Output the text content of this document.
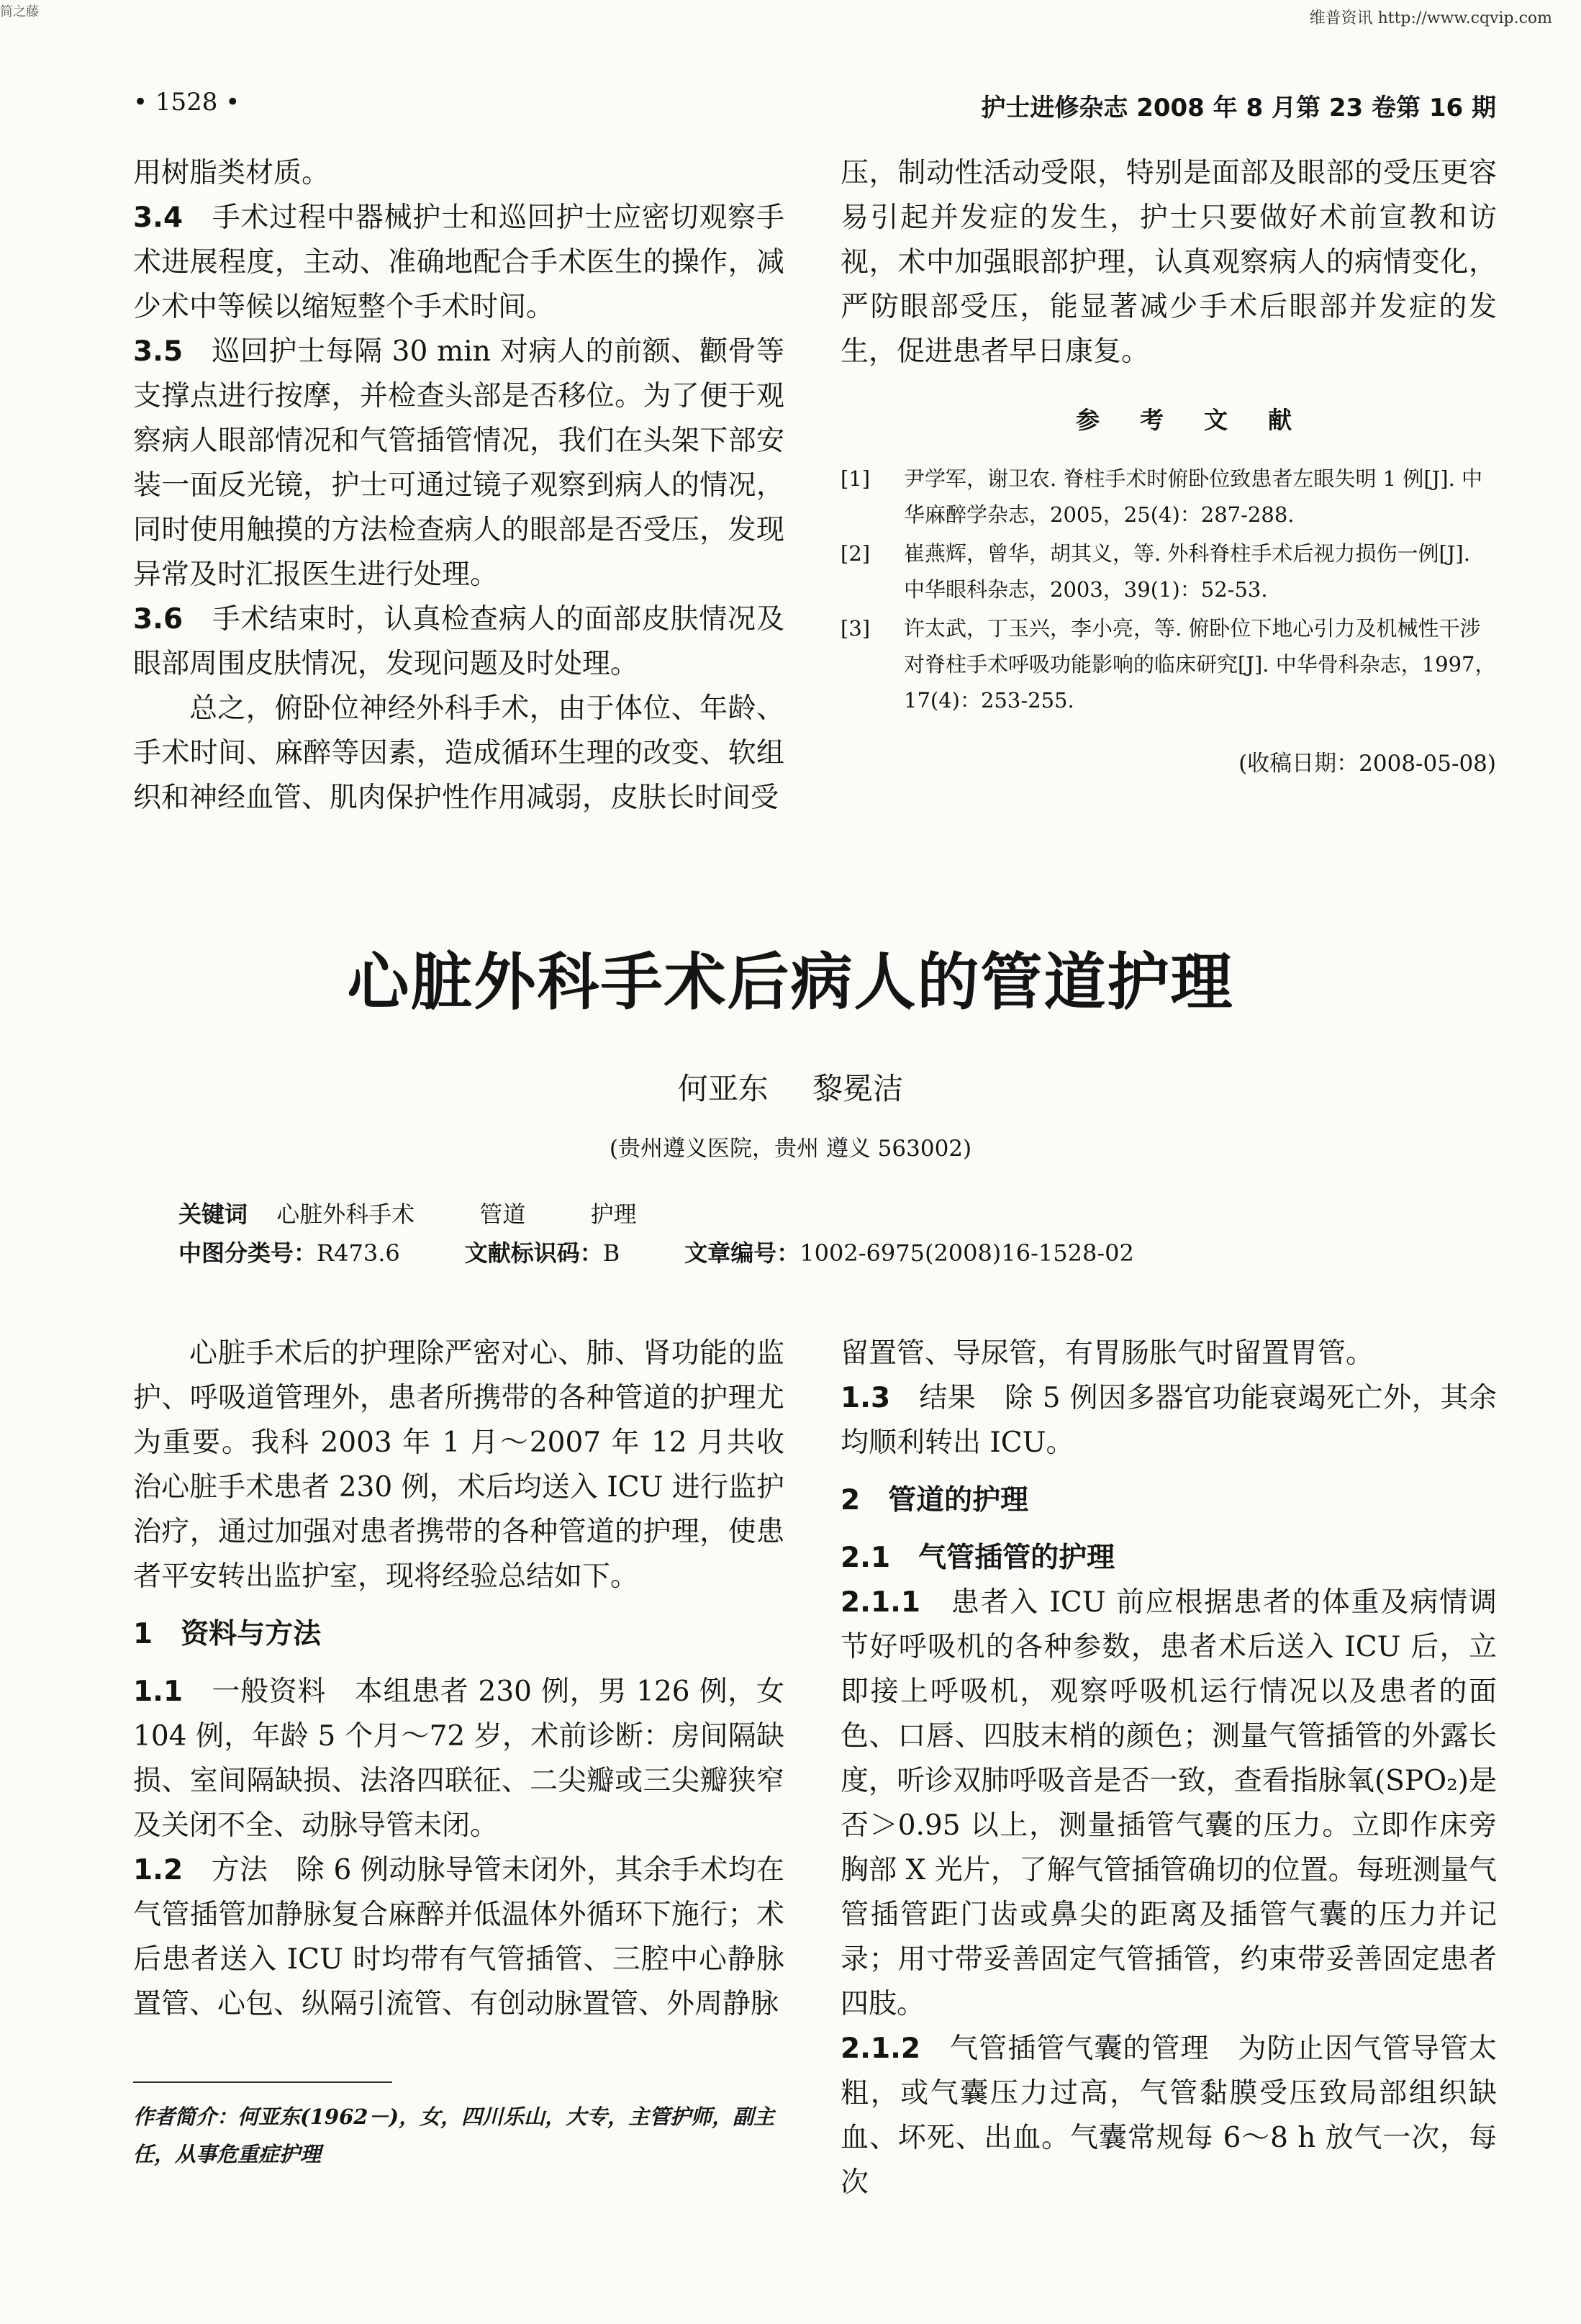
简之藤	维普资讯 http://www.cqvip.com
• 1528 •	护士进修杂志 2008 年 8 月第 23 卷第 16 期

用树脂类材质。

3.4　 手术过程中器械护士和巡回护士应密切观察手术进展程度，主动、准确地配合手术医生的操作，减少术中等候以缩短整个手术时间。

3.5　 巡回护士每隔 30 min 对病人的前额、颧骨等支撑点进行按摩，并检查头部是否移位。为了便于观察病人眼部情况和气管插管情况，我们在头架下部安装一面反光镜，护士可通过镜子观察到病人的情况，同时使用触摸的方法检查病人的眼部是否受压，发现异常及时汇报医生进行处理。

3.6　 手术结束时，认真检查病人的面部皮肤情况及眼部周围皮肤情况，发现问题及时处理。

总之，俯卧位神经外科手术，由于体位、年龄、手术时间、麻醉等因素，造成循环生理的改变、软组织和神经血管、肌肉保护性作用减弱，皮肤长时间受

压，制动性活动受限，特别是面部及眼部的受压更容易引起并发症的发生，护士只要做好术前宣教和访视，术中加强眼部护理，认真观察病人的病情变化，严防眼部受压，能显著减少手术后眼部并发症的发生，促进患者早日康复。

参考文献
[1] 尹学军，谢卫农. 脊柱手术时俯卧位致患者左眼失明 1 例[J]. 中华麻醉学杂志，2005，25(4)：287-288.
[2] 崔燕辉，曾华，胡其义，等. 外科脊柱手术后视力损伤一例[J]. 中华眼科杂志，2003，39(1)：52-53.
[3] 许太武，丁玉兴，李小亮，等. 俯卧位下地心引力及机械性干涉对脊柱手术呼吸功能影响的临床研究[J]. 中华骨科杂志，1997，17(4)：253-255.
(收稿日期：2008-05-08)
心脏外科手术后病人的管道护理
何亚东 黎冕洁
(贵州遵义医院，贵州 遵义 563002)
关键词 心脏外科手术	管道	护理
中图分类号：R473.6	文献标识码：B	文章编号：1002-6975(2008)16-1528-02

心脏手术后的护理除严密对心、肺、肾功能的监护、呼吸道管理外，患者所携带的各种管道的护理尤为重要。我科 2003 年 1 月～2007 年 12 月共收治心脏手术患者 230 例，术后均送入 ICU 进行监护治疗，通过加强对患者携带的各种管道的护理，使患者平安转出监护室，现将经验总结如下。

1　资料与方法

1.1　 一般资料　本组患者 230 例，男 126 例，女 104 例，年龄 5 个月～72 岁，术前诊断：房间隔缺损、室间隔缺损、法洛四联征、二尖瓣或三尖瓣狭窄及关闭不全、动脉导管未闭。

1.2　 方法　除 6 例动脉导管未闭外，其余手术均在气管插管加静脉复合麻醉并低温体外循环下施行；术后患者送入 ICU 时均带有气管插管、三腔中心静脉置管、心包、纵隔引流管、有创动脉置管、外周静脉

留置管、导尿管，有胃肠胀气时留置胃管。

1.3　 结果　除 5 例因多器官功能衰竭死亡外，其余均顺利转出 ICU。

2　管道的护理

2.1　气管插管的护理

2.1.1　 患者入 ICU 前应根据患者的体重及病情调节好呼吸机的各种参数，患者术后送入 ICU 后，立即接上呼吸机，观察呼吸机运行情况以及患者的面色、口唇、四肢末梢的颜色；测量气管插管的外露长度，听诊双肺呼吸音是否一致，查看指脉氧(SPO₂)是否＞0.95 以上，测量插管气囊的压力。立即作床旁胸部 X 光片，了解气管插管确切的位置。每班测量气管插管距门齿或鼻尖的距离及插管气囊的压力并记录；用寸带妥善固定气管插管，约束带妥善固定患者四肢。

2.1.2　 气管插管气囊的管理　为防止因气管导管太粗，或气囊压力过高，气管黏膜受压致局部组织缺血、坏死、出血。气囊常规每 6～8 h 放气一次，每次

作者简介：何亚东(1962－)，女，四川乐山，大专，主管护师，副主任，从事危重症护理
